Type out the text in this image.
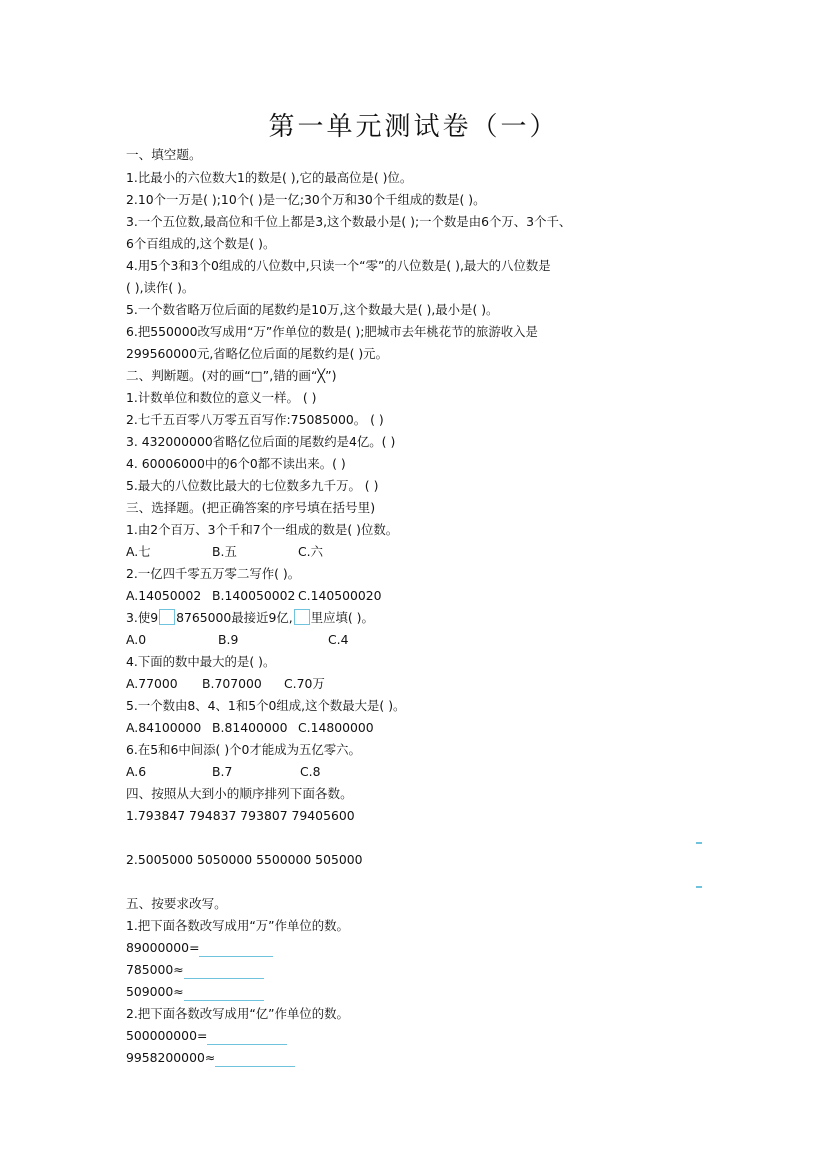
第一单元测试卷（一）
一、填空题。
1.比最小的六位数大1的数是( ),它的最高位是( )位。
2.10个一万是( );10个( )是一亿;30个万和30个千组成的数是( )。
3.一个五位数,最高位和千位上都是3,这个数最小是( );一个数是由6个万、3个千、
6个百组成的,这个数是( )。
4.用5个3和3个0组成的八位数中,只读一个“零”的八位数是( ),最大的八位数是
( ),读作( )。
5.一个数省略万位后面的尾数约是10万,这个数最大是( ),最小是( )。
6.把550000改写成用“万”作单位的数是( );肥城市去年桃花节的旅游收入是
299560000元,省略亿位后面的尾数约是( )元。
二、判断题。(对的画“□”,错的画“╳”)
1.计数单位和数位的意义一样。 ( )
2.七千五百零八万零五百写作:75085000。 ( )
3. 432000000省略亿位后面的尾数约是4亿。( )
4. 60006000中的6个0都不读出来。( )
5.最大的八位数比最大的七位数多九千万。 ( )
三、选择题。(把正确答案的序号填在括号里)
1.由2个百万、3个千和7个一组成的数是( )位数。
A.七	B.五	C.六
2.一亿四千零五万零二写作( )。
A.14050002 B.140050002 C.140500020
3.使9 8765000最接近9亿, 里应填( )。
A.0	B.9	C.4
4.下面的数中最大的是( )。
A.77000 B.707000 C.70万
5.一个数由8、4、1和5个0组成,这个数最大是( )。
A.84100000 B.81400000 C.14800000
6.在5和6中间添( )个0才能成为五亿零六。
A.6	B.7	C.8
四、按照从大到小的顺序排列下面各数。
1.793847 794837 793807 79405600
2.5005000 5050000 5500000 505000
五、按要求改写。
1.把下面各数改写成用“万”作单位的数。
89000000=
785000≈
509000≈
2.把下面各数改写成用“亿”作单位的数。
500000000=
9958200000≈
